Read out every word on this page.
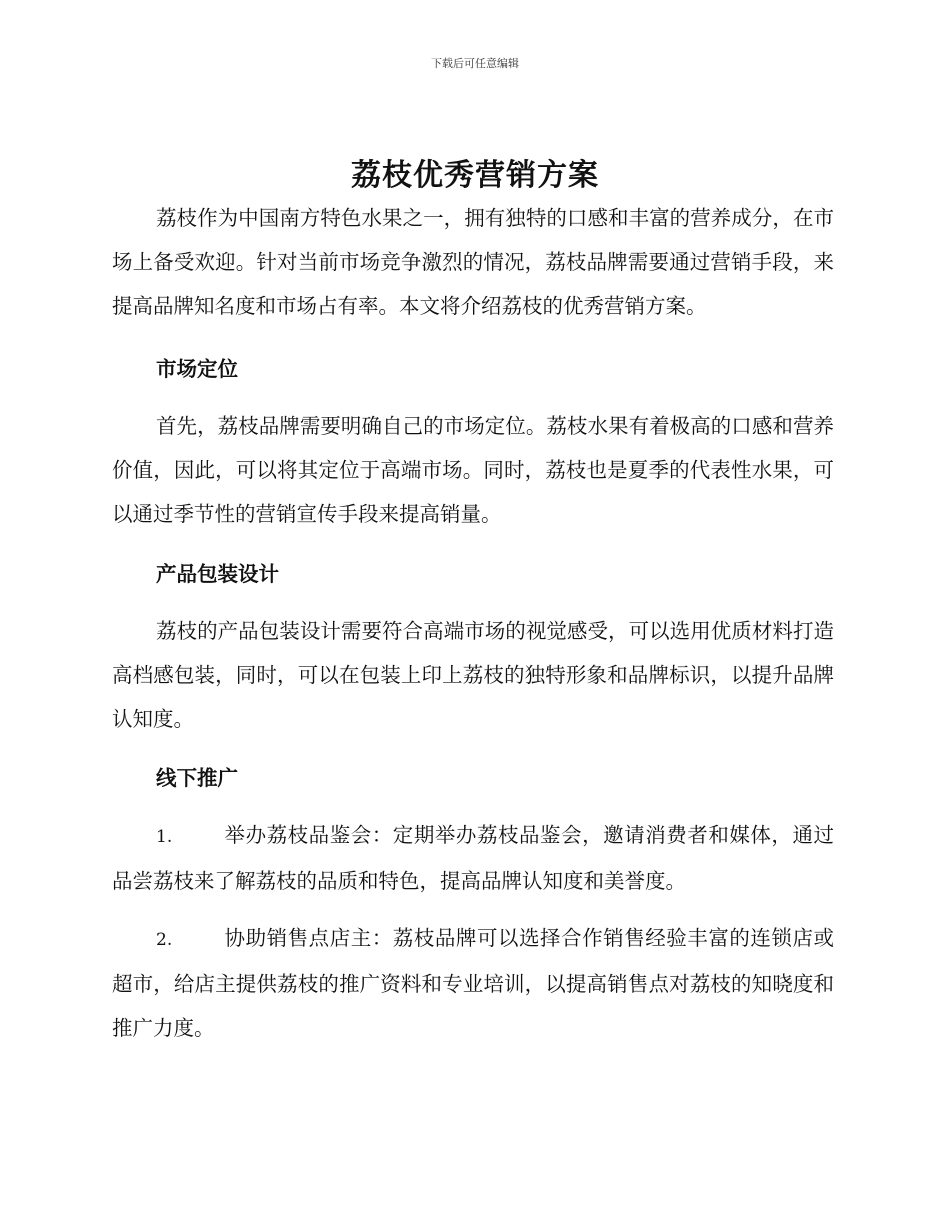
下载后可任意编辑
荔枝优秀营销方案

荔枝作为中国南方特色水果之一，拥有独特的口感和丰富的营养成分，在市场上备受欢迎。针对当前市场竞争激烈的情况，荔枝品牌需要通过营销手段，来提高品牌知名度和市场占有率。本文将介绍荔枝的优秀营销方案。

市场定位

首先，荔枝品牌需要明确自己的市场定位。荔枝水果有着极高的口感和营养价值，因此，可以将其定位于高端市场。同时，荔枝也是夏季的代表性水果，可以通过季节性的营销宣传手段来提高销量。

产品包装设计

荔枝的产品包装设计需要符合高端市场的视觉感受，可以选用优质材料打造高档感包装，同时，可以在包装上印上荔枝的独特形象和品牌标识，以提升品牌认知度。

线下推广

1.	举办荔枝品鉴会：定期举办荔枝品鉴会，邀请消费者和媒体，通过品尝荔枝来了解荔枝的品质和特色，提高品牌认知度和美誉度。

2.	协助销售点店主：荔枝品牌可以选择合作销售经验丰富的连锁店或超市，给店主提供荔枝的推广资料和专业培训，以提高销售点对荔枝的知晓度和推广力度。
